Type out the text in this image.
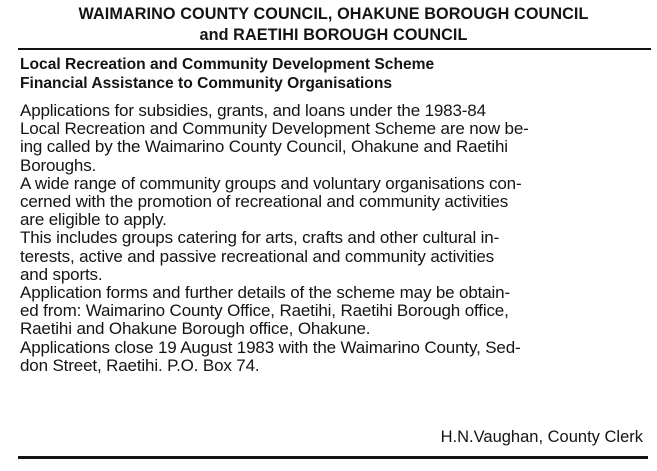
WAIMARINO COUNTY COUNCIL, OHAKUNE BOROUGH COUNCIL
and RAETIHI BOROUGH COUNCIL
Local Recreation and Community Development Scheme
Financial Assistance to Community Organisations

Applications for subsidies, grants, and loans under the 1983-84
Local Recreation and Community Development Scheme are now be-
ing called by the Waimarino County Council, Ohakune and Raetihi
Boroughs.

A wide range of community groups and voluntary organisations con-
cerned with the promotion of recreational and community activities
are eligible to apply.

This includes groups catering for arts, crafts and other cultural in-
terests, active and passive recreational and community activities
and sports.

Application forms and further details of the scheme may be obtain-
ed from: Waimarino County Office, Raetihi, Raetihi Borough office,
Raetihi and Ohakune Borough office, Ohakune.

Applications close 19 August 1983 with the Waimarino County, Sed-
don Street, Raetihi. P.O. Box 74.

H.N.Vaughan, County Clerk
